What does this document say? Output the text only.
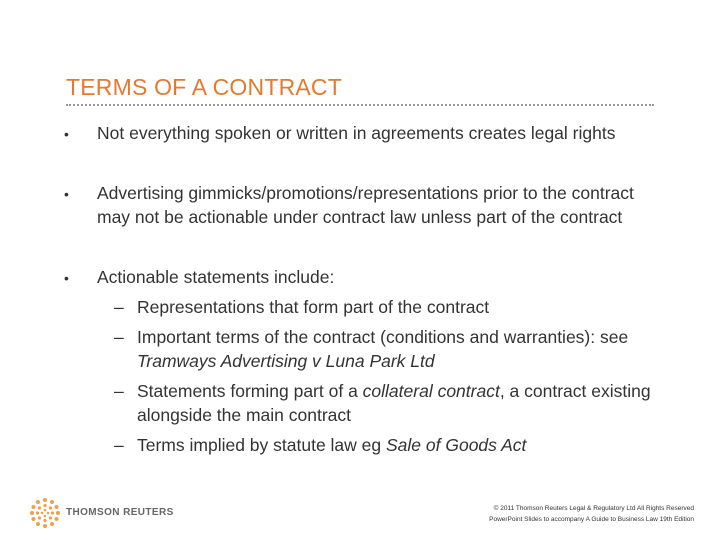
TERMS OF A CONTRACT
• Not everything spoken or written in agreements creates legal rights
• Advertising gimmicks/promotions/representations prior to the contract may not be actionable under contract law unless part of the contract
• Actionable statements include:
– Representations that form part of the contract
– Important terms of the contract (conditions and warranties): see Tramways Advertising v Luna Park Ltd
– Statements forming part of a collateral contract, a contract existing alongside the main contract
– Terms implied by statute law eg Sale of Goods Act
THOMSON REUTERS	© 2011 Thomson Reuters Legal & Regulatory Ltd All Rights Reserved
PowerPoint Slides to accompany A Guide to Business Law 19th Edition
